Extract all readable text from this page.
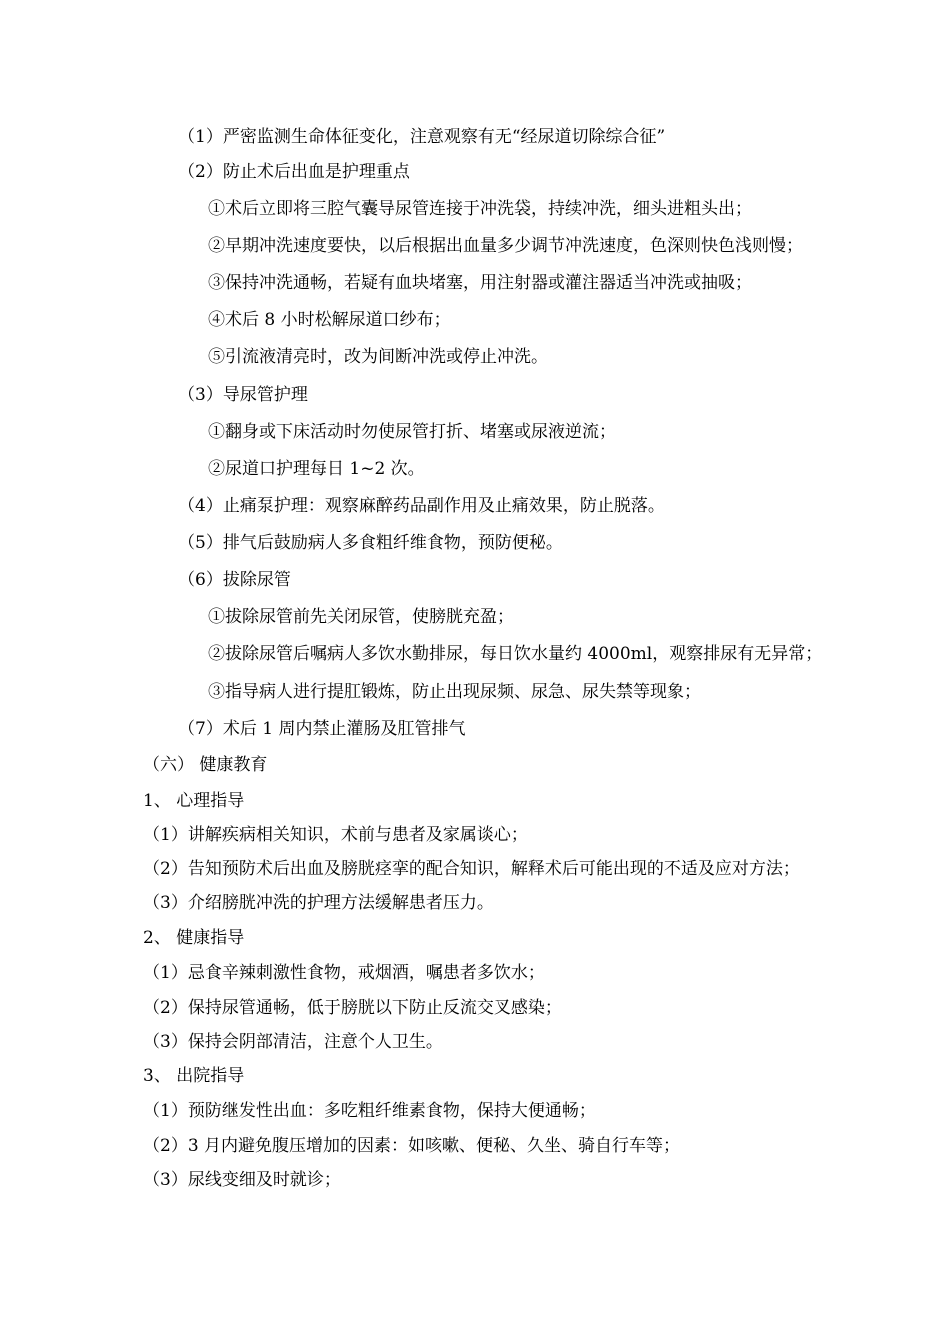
（1）严密监测生命体征变化，注意观察有无“经尿道切除综合征”
（2）防止术后出血是护理重点
①术后立即将三腔气囊导尿管连接于冲洗袋，持续冲洗，细头进粗头出；
②早期冲洗速度要快，以后根据出血量多少调节冲洗速度，色深则快色浅则慢；
③保持冲洗通畅，若疑有血块堵塞，用注射器或灌注器适当冲洗或抽吸；
④术后 8 小时松解尿道口纱布；
⑤引流液清亮时，改为间断冲洗或停止冲洗。
（3）导尿管护理
①翻身或下床活动时勿使尿管打折、堵塞或尿液逆流；
②尿道口护理每日 1~2 次。
（4）止痛泵护理：观察麻醉药品副作用及止痛效果，防止脱落。
（5）排气后鼓励病人多食粗纤维食物，预防便秘。
（6）拔除尿管
①拔除尿管前先关闭尿管，使膀胱充盈；
②拔除尿管后嘱病人多饮水勤排尿，每日饮水量约 4000ml，观察排尿有无异常；
③指导病人进行提肛锻炼，防止出现尿频、尿急、尿失禁等现象；
（7）术后 1 周内禁止灌肠及肛管排气
（六） 健康教育
1、 心理指导
（1）讲解疾病相关知识，术前与患者及家属谈心；
（2）告知预防术后出血及膀胱痉挛的配合知识，解释术后可能出现的不适及应对方法；
（3）介绍膀胱冲洗的护理方法缓解患者压力。
2、 健康指导
（1）忌食辛辣刺激性食物，戒烟酒，嘱患者多饮水；
（2）保持尿管通畅，低于膀胱以下防止反流交叉感染；
（3）保持会阴部清洁，注意个人卫生。
3、 出院指导
（1）预防继发性出血：多吃粗纤维素食物，保持大便通畅；
（2）3 月内避免腹压增加的因素：如咳嗽、便秘、久坐、骑自行车等；
（3）尿线变细及时就诊；
